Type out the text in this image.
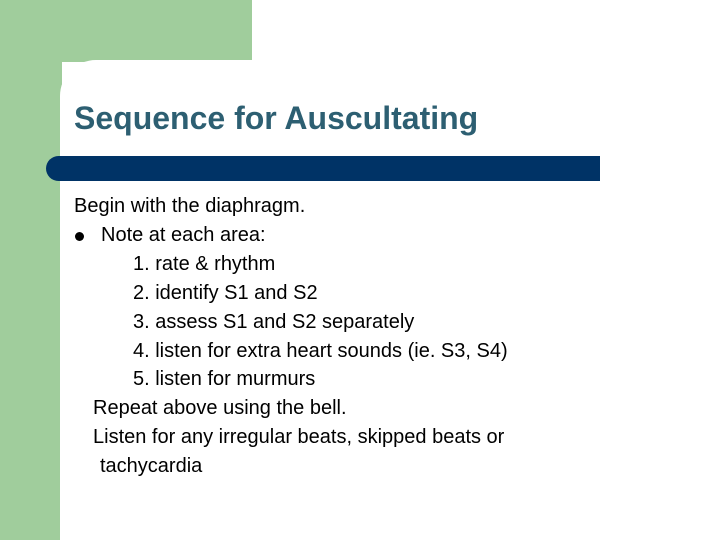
Sequence for Auscultating
Begin with the diaphragm.
Note at each area:
1. rate & rhythm
2. identify S1 and S2
3. assess S1 and S2 separately
4. listen for extra heart sounds (ie. S3, S4)
5. listen for murmurs
Repeat above using the bell.
Listen for any irregular beats, skipped beats or
tachycardia
